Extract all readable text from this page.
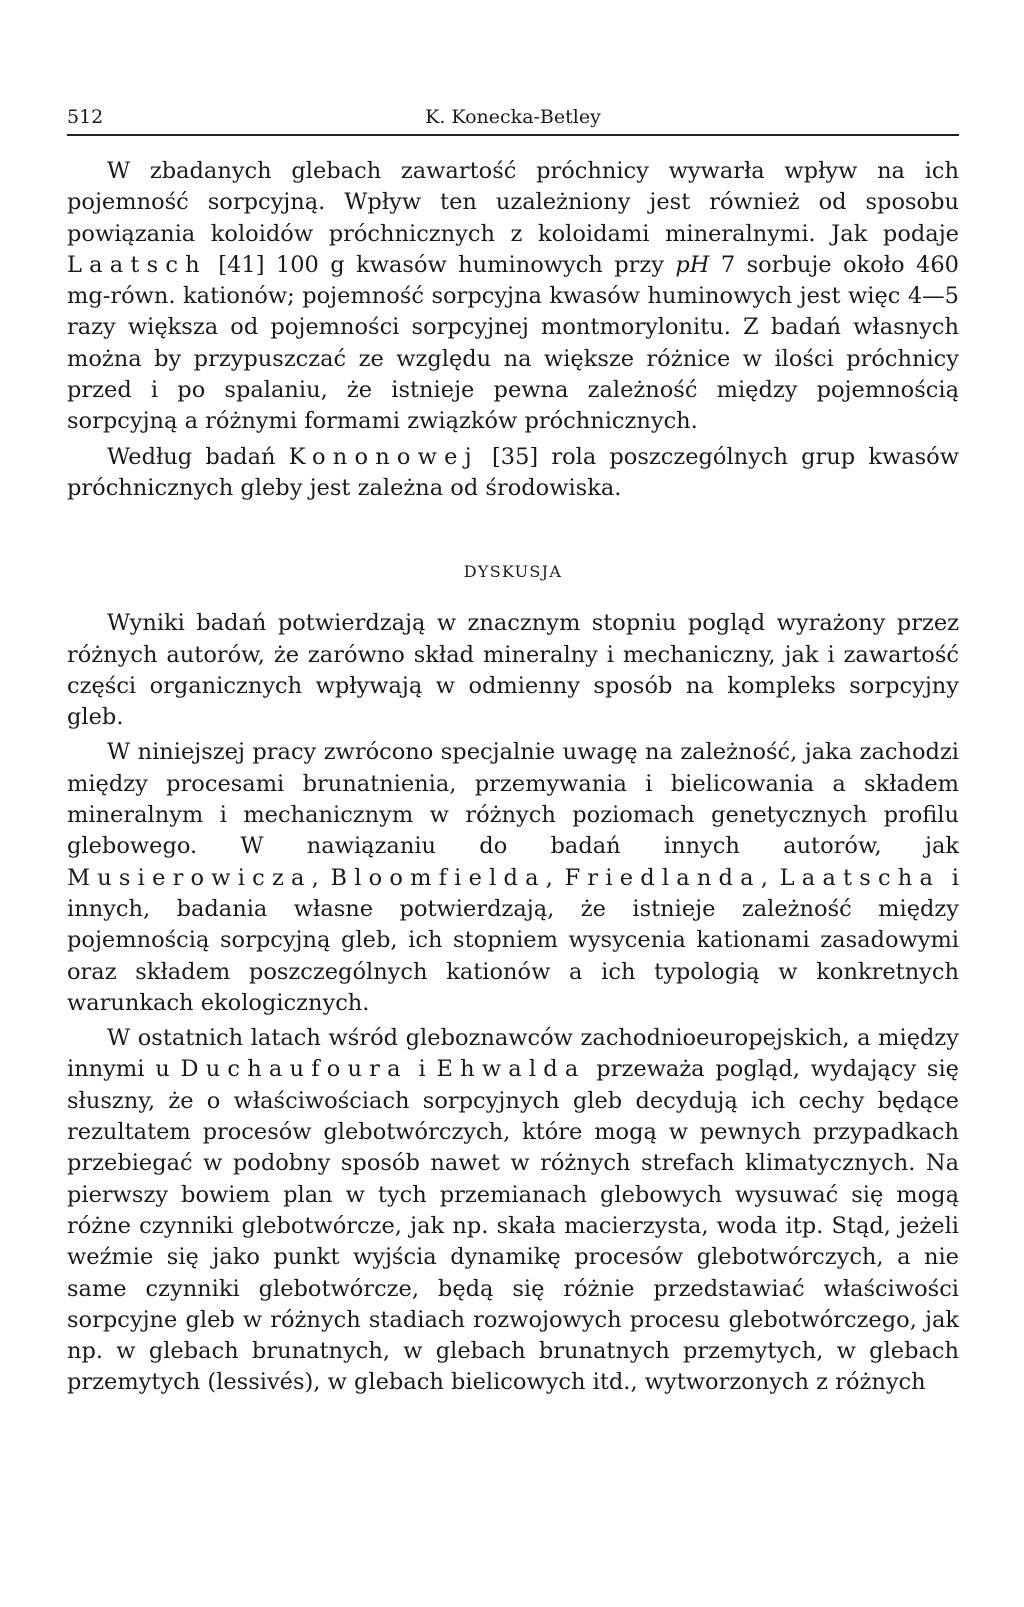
512	K. Konecka-Betley

W zbadanych glebach zawartość próchnicy wywarła wpływ na ich pojemność sorpcyjną. Wpływ ten uzależniony jest również od sposobu powiązania koloidów próchnicznych z koloidami mineralnymi. Jak podaje Laatsch [41] 100 g kwasów huminowych przy pH 7 sorbuje około 460 mg-równ. kationów; pojemność sorpcyjna kwasów huminowych jest więc 4—5 razy większa od pojemności sorpcyjnej montmorylonitu. Z badań własnych można by przypuszczać ze względu na większe różnice w ilości próchnicy przed i po spalaniu, że istnieje pewna zależność między pojemnością sorpcyjną a różnymi formami związków próchnicznych.

Według badań Kononowej [35] rola poszczególnych grup kwasów próchnicznych gleby jest zależna od środowiska.

DYSKUSJA

Wyniki badań potwierdzają w znacznym stopniu pogląd wyrażony przez różnych autorów, że zarówno skład mineralny i mechaniczny, jak i zawartość części organicznych wpływają w odmienny sposób na kompleks sorpcyjny gleb.

W niniejszej pracy zwrócono specjalnie uwagę na zależność, jaka zachodzi między procesami brunatnienia, przemywania i bielicowania a składem mineralnym i mechanicznym w różnych poziomach genetycznych profilu glebowego. W nawiązaniu do badań innych autorów, jak Musierowicza, Bloomfielda, Friedlanda, Laatscha i innych, badania własne potwierdzają, że istnieje zależność między pojemnością sorpcyjną gleb, ich stopniem wysycenia kationami zasadowymi oraz składem poszczególnych kationów a ich typologią w konkretnych warunkach ekologicznych.

W ostatnich latach wśród gleboznawców zachodnioeuropejskich, a między innymi u Duchaufoura i Ehwalda przeważa pogląd, wydający się słuszny, że o właściwościach sorpcyjnych gleb decydują ich cechy będące rezultatem procesów glebotwórczych, które mogą w pewnych przypadkach przebiegać w podobny sposób nawet w różnych strefach klimatycznych. Na pierwszy bowiem plan w tych przemianach glebowych wysuwać się mogą różne czynniki glebotwórcze, jak np. skała macierzysta, woda itp. Stąd, jeżeli weźmie się jako punkt wyjścia dynamikę procesów glebotwórczych, a nie same czynniki glebotwórcze, będą się różnie przedstawiać właściwości sorpcyjne gleb w różnych stadiach rozwojowych procesu glebotwórczego, jak np. w glebach brunatnych, w glebach brunatnych przemytych, w glebach przemytych (lessivés), w glebach bielicowych itd., wytworzonych z różnych
